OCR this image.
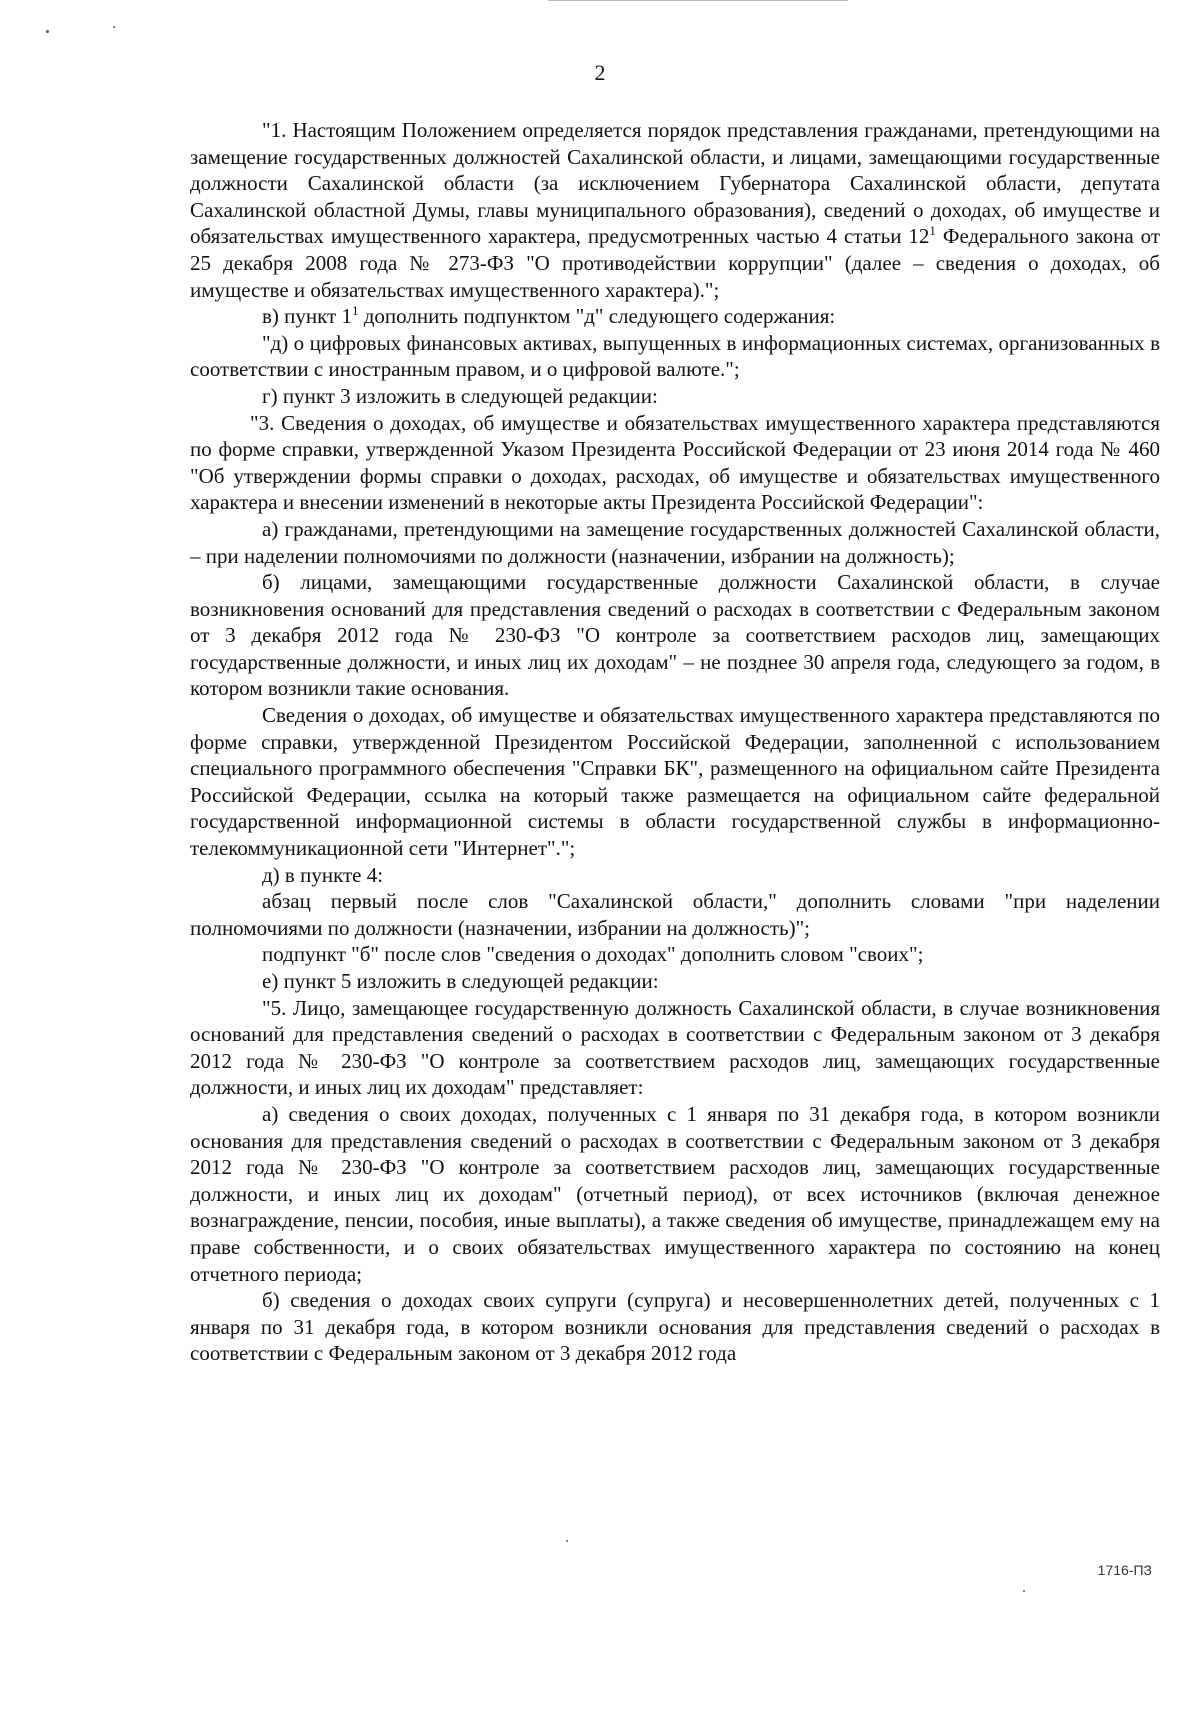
2

"1. Настоящим Положением определяется порядок представления гражданами, претендующими на замещение государственных должностей Сахалинской области, и лицами, замещающими государственные должности Сахалинской области (за исключением Губернатора Сахалинской области, депутата Сахалинской областной Думы, главы муниципального образования), сведений о доходах, об имуществе и обязательствах имущественного характера, предусмотренных частью 4 статьи $12^1$ Федерального закона от 25 декабря 2008 года № 273-ФЗ "О противодействии коррупции" (далее – сведения о доходах, об имуществе и обязательствах имущественного характера).";

в) пункт $1^1$ дополнить подпунктом "д" следующего содержания:

"д) о цифровых финансовых активах, выпущенных в информационных системах, организованных в соответствии с иностранным правом, и о цифровой валюте.";

г) пункт 3 изложить в следующей редакции:

"3. Сведения о доходах, об имуществе и обязательствах имущественного характера представляются по форме справки, утвержденной Указом Президента Российской Федерации от 23 июня 2014 года № 460 "Об утверждении формы справки о доходах, расходах, об имуществе и обязательствах имущественного характера и внесении изменений в некоторые акты Президента Российской Федерации":

а) гражданами, претендующими на замещение государственных должностей Сахалинской области, – при наделении полномочиями по должности (назначении, избрании на должность);

б) лицами, замещающими государственные должности Сахалинской области, в случае возникновения оснований для представления сведений о расходах в соответствии с Федеральным законом от 3 декабря 2012 года № 230-ФЗ "О контроле за соответствием расходов лиц, замещающих государственные должности, и иных лиц их доходам" – не позднее 30 апреля года, следующего за годом, в котором возникли такие основания.

Сведения о доходах, об имуществе и обязательствах имущественного характера представляются по форме справки, утвержденной Президентом Российской Федерации, заполненной с использованием специального программного обеспечения "Справки БК", размещенного на официальном сайте Президента Российской Федерации, ссылка на который также размещается на официальном сайте федеральной государственной информационной системы в области государственной службы в информационно-телекоммуникационной сети "Интернет".";

д) в пункте 4:

абзац первый после слов "Сахалинской области," дополнить словами "при наделении полномочиями по должности (назначении, избрании на должность)";

подпункт "б" после слов "сведения о доходах" дополнить словом "своих";

е) пункт 5 изложить в следующей редакции:

"5. Лицо, замещающее государственную должность Сахалинской области, в случае возникновения оснований для представления сведений о расходах в соответствии с Федеральным законом от 3 декабря 2012 года № 230-ФЗ "О контроле за соответствием расходов лиц, замещающих государственные должности, и иных лиц их доходам" представляет:

а) сведения о своих доходах, полученных с 1 января по 31 декабря года, в котором возникли основания для представления сведений о расходах в соответствии с Федеральным законом от 3 декабря 2012 года № 230-ФЗ "О контроле за соответствием расходов лиц, замещающих государственные должности, и иных лиц их доходам" (отчетный период), от всех источников (включая денежное вознаграждение, пенсии, пособия, иные выплаты), а также сведения об имуществе, принадлежащем ему на праве собственности, и о своих обязательствах имущественного характера по состоянию на конец отчетного периода;

б) сведения о доходах своих супруги (супруга) и несовершеннолетних детей, полученных с 1 января по 31 декабря года, в котором возникли основания для представления сведений о расходах в соответствии с Федеральным законом от 3 декабря 2012 года

1716-ПЗ
